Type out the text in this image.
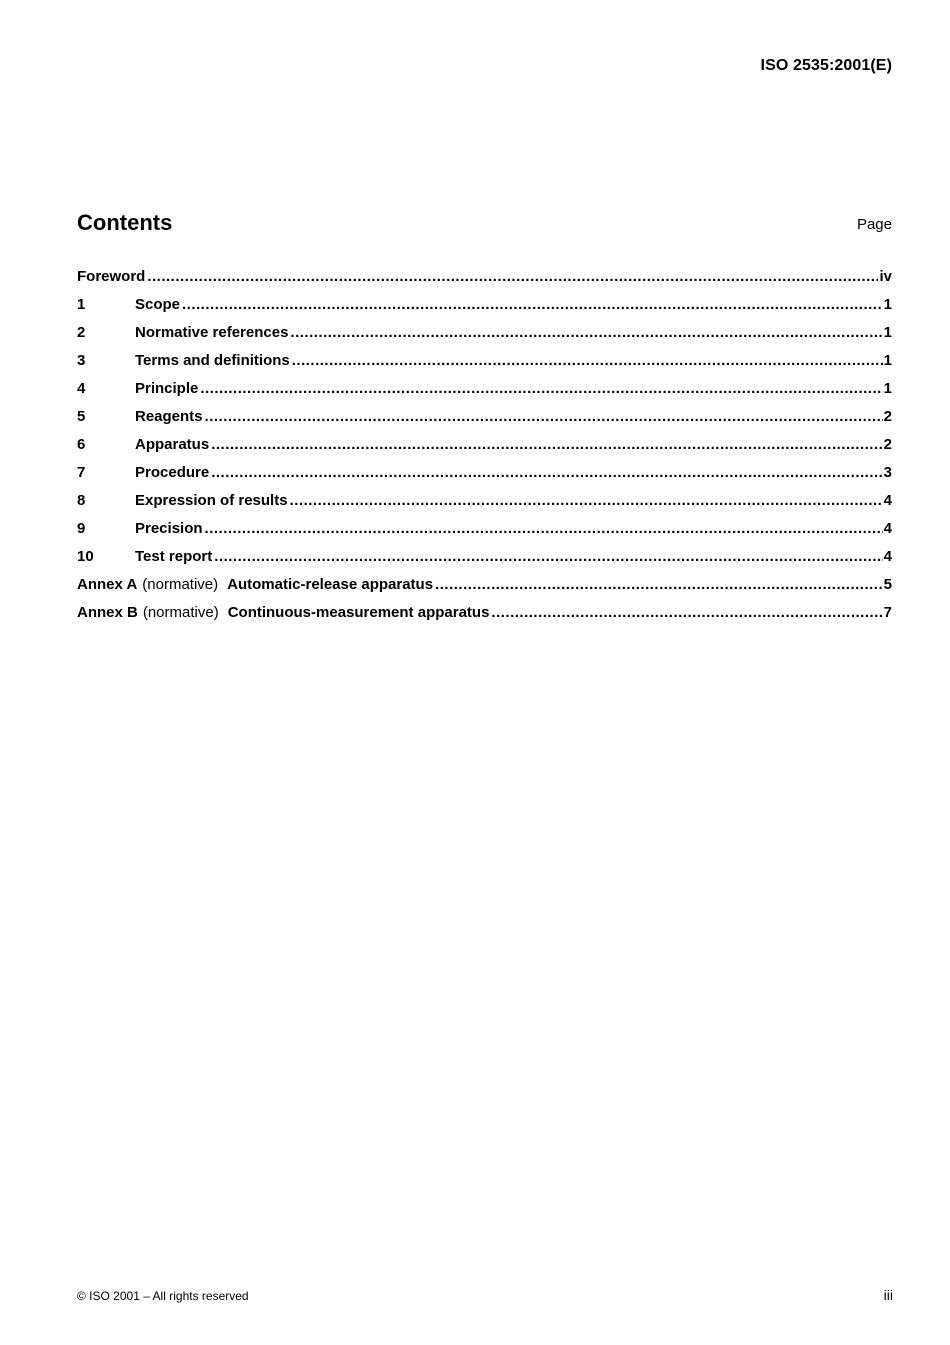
ISO 2535:2001(E)
Contents	Page
Foreword .....	iv
1	Scope .....	1
2	Normative references .....	1
3	Terms and definitions .....	1
4	Principle .....	1
5	Reagents .....	2
6	Apparatus .....	2
7	Procedure .....	3
8	Expression of results .....	4
9	Precision .....	4
10	Test report .....	4
Annex A (normative) Automatic-release apparatus .....	5
Annex B (normative) Continuous-measurement apparatus .....	7
© ISO 2001 – All rights reserved	iii
